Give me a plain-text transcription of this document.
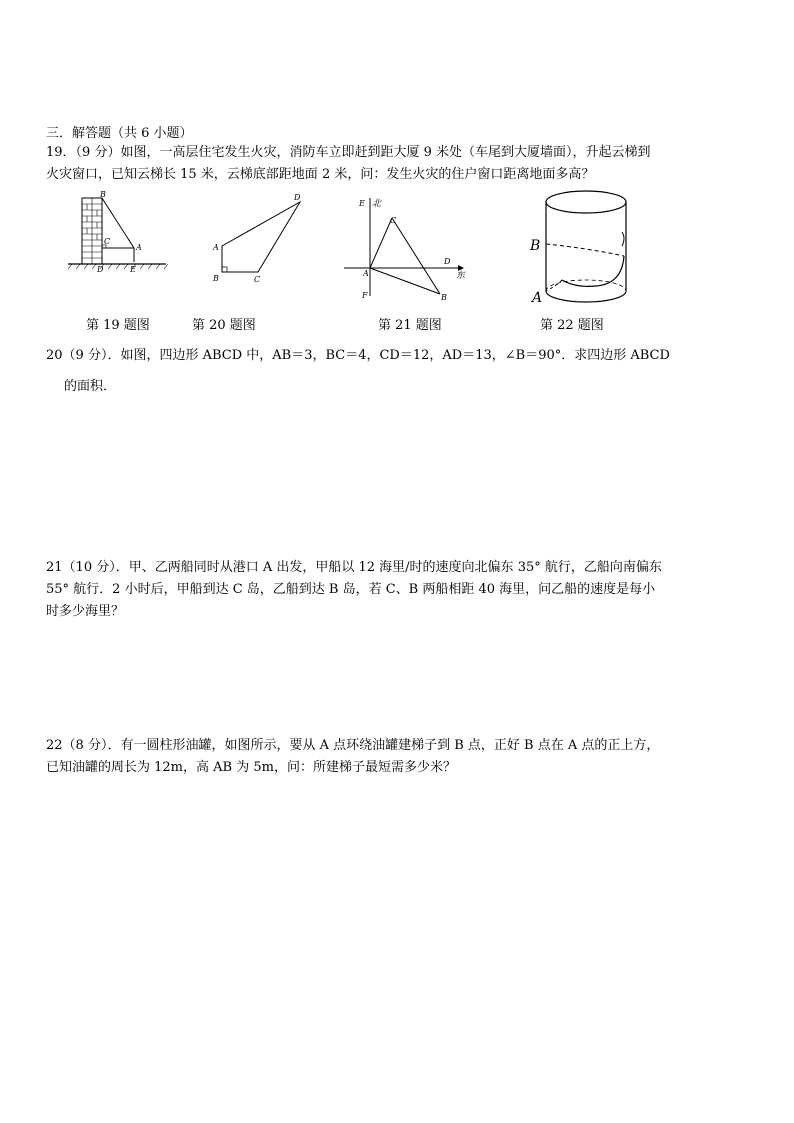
三．解答题（共 6 小题）
19．（9 分）如图，一高层住宅发生火灾，消防车立即赶到距大厦 9 米处（车尾到大厦墙面），升起云梯到
火灾窗口，已知云梯长 15 米，云梯底部距地面 2 米，问：发生火灾的住户窗口距离地面多高？
B
C
A
D	E
第 19 题图
D
A
B	C
第 20 题图
E 北
C
D
东
A
F	B
第 21 题图
B
A
第 22 题图
20（9 分）．如图，四边形 ABCD 中，AB＝3，BC＝4，CD＝12，AD＝13，∠B＝90°．求四边形 ABCD
的面积．
21（10 分）．甲、乙两船同时从港口 A 出发，甲船以 12 海里/时的速度向北偏东 35° 航行，乙船向南偏东
55° 航行．2 小时后，甲船到达 C 岛，乙船到达 B 岛，若 C、B 两船相距 40 海里，问乙船的速度是每小
时多少海里？
22（8 分）．有一圆柱形油罐，如图所示，要从 A 点环绕油罐建梯子到 B 点，正好 B 点在 A 点的正上方，
已知油罐的周长为 12m，高 AB 为 5m，问：所建梯子最短需多少米？
